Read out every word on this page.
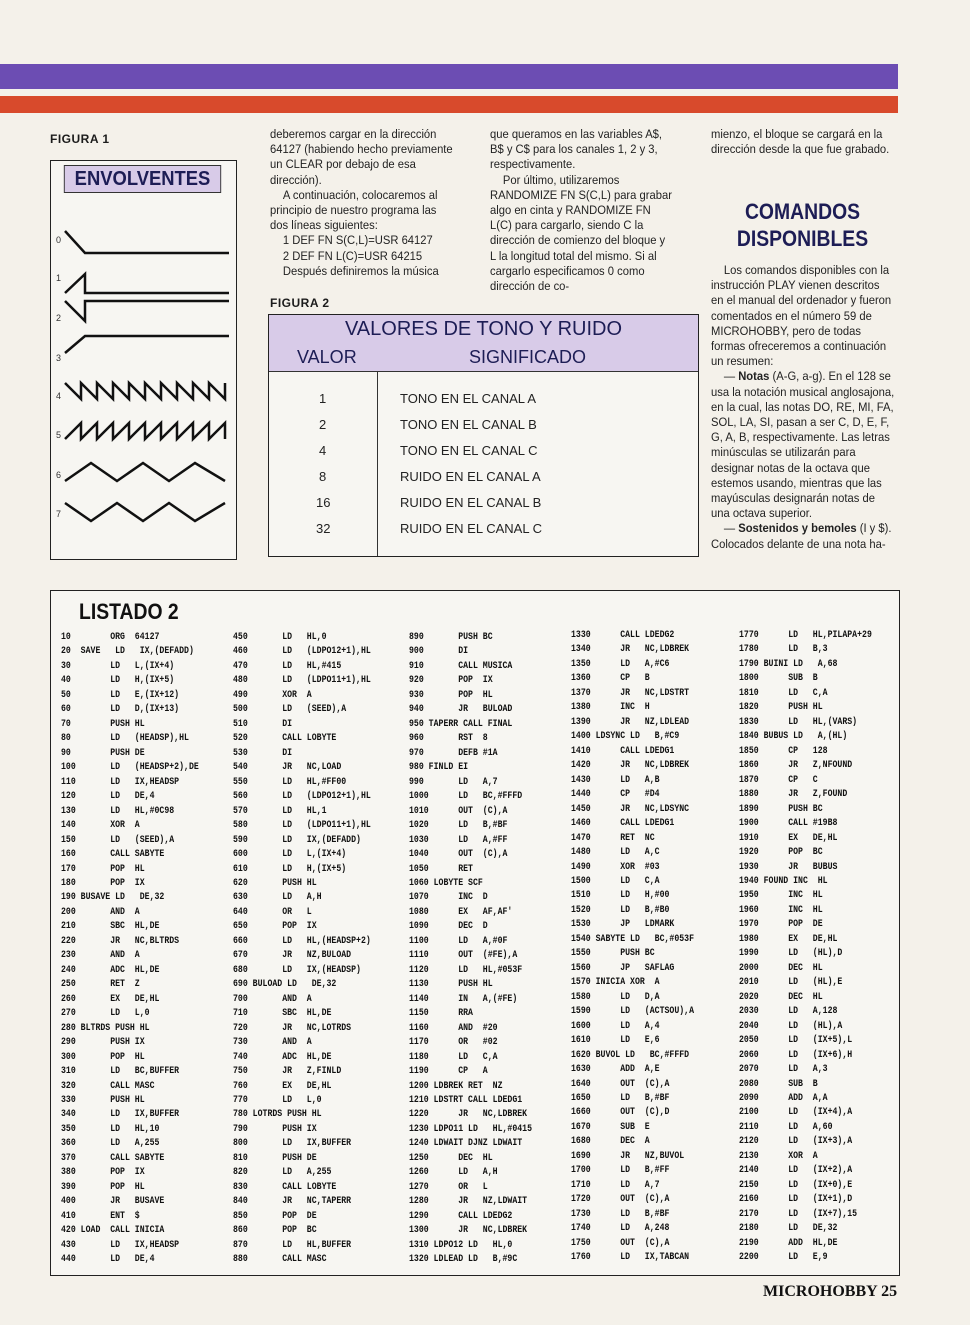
FIGURA 1
ENVOLVENTES
0
1
2
3
4
5
6
7

deberemos cargar en la dirección 64127 (habiendo hecho previamente un CLEAR por debajo de esa dirección).

A continuación, colocaremos al principio de nuestro programa las dos líneas siguientes:

1 DEF FN S(C,L)=USR 64127

2 DEF FN L(C)=USR 64215

Después definiremos la música

que queramos en las variables A$, B$ y C$ para los canales 1, 2 y 3, respectivamente.

Por último, utilizaremos RANDOMIZE FN S(C,L) para grabar algo en cinta y RANDOMIZE FN L(C) para cargarlo, siendo C la dirección de comienzo del bloque y L la longitud total del mismo. Si al cargarlo especificamos 0 como dirección de co-

FIGURA 2
VALORES DE TONO Y RUIDO
VALOR	SIGNIFICADO
1	TONO EN EL CANAL A
2	TONO EN EL CANAL B
4	TONO EN EL CANAL C
8	RUIDO EN EL CANAL A
16	RUIDO EN EL CANAL B
32	RUIDO EN EL CANAL C

mienzo, el bloque se cargará en la dirección desde la que fue grabado.

COMANDOS DISPONIBLES

Los comandos disponibles con la instrucción PLAY vienen descritos en el manual del ordenador y fueron comentados en el número 59 de MICROHOBBY, pero de todas formas ofreceremos a continuación un resumen:

— Notas (A-G, a-g). En el 128 se usa la notación musical anglosajona, en la cual, las notas DO, RE, MI, FA, SOL, LA, SI, pasan a ser C, D, E, F, G, A, B, respectivamente. Las letras minúsculas se utilizarán para designar notas de la octava que estemos usando, mientras que las mayúsculas designarán notas de una octava superior.

— Sostenidos y bemoles (I y $). Colocados delante de una nota ha-

LISTADO 2
10        ORG  64127
20  SAVE   LD   IX,(DEFADD)
30        LD   L,(IX+4)
40        LD   H,(IX+5)
50        LD   E,(IX+12)
60        LD   D,(IX+13)
70        PUSH HL
80        LD   (HEADSP),HL
90        PUSH DE
100       LD   (HEADSP+2),DE
110       LD   IX,HEADSP
120       LD   DE,4
130       LD   HL,#0C98
140       XOR  A
150       LD   (SEED),A
160       CALL SABYTE
170       POP  HL
180       POP  IX
190 BUSAVE LD   DE,32
200       AND  A
210       SBC  HL,DE
220       JR   NC,BLTRDS
230       AND  A
240       ADC  HL,DE
250       RET  Z
260       EX   DE,HL
270       LD   L,0
280 BLTRDS PUSH HL
290       PUSH IX
300       POP  HL
310       LD   BC,BUFFER
320       CALL MASC
330       PUSH HL
340       LD   IX,BUFFER
350       LD   HL,10
360       LD   A,255
370       CALL SABYTE
380       POP  IX
390       POP  HL
400       JR   BUSAVE
410       ENT  $
420 LOAD  CALL INICIA
430       LD   IX,HEADSP
440       LD   DE,4
450       LD   HL,0
460       LD   (LDPO12+1),HL
470       LD   HL,#415
480       LD   (LDPO11+1),HL
490       XOR  A
500       LD   (SEED),A
510       DI
520       CALL LOBYTE
530       DI
540       JR   NC,LOAD
550       LD   HL,#FF00
560       LD   (LDPO12+1),HL
570       LD   HL,1
580       LD   (LDPO11+1),HL
590       LD   IX,(DEFADD)
600       LD   L,(IX+4)
610       LD   H,(IX+5)
620       PUSH HL
630       LD   A,H
640       OR   L
650       POP  IX
660       LD   HL,(HEADSP+2)
670       JR   NZ,BULOAD
680       LD   IX,(HEADSP)
690 BULOAD LD   DE,32
700       AND  A
710       SBC  HL,DE
720       JR   NC,LOTRDS
730       AND  A
740       ADC  HL,DE
750       JR   Z,FINLD
760       EX   DE,HL
770       LD   L,0
780 LOTRDS PUSH HL
790       PUSH IX
800       LD   IX,BUFFER
810       PUSH DE
820       LD   A,255
830       CALL LOBYTE
840       JR   NC,TAPERR
850       POP  DE
860       POP  BC
870       LD   HL,BUFFER
880       CALL MASC
890       PUSH BC
900       DI
910       CALL MUSICA
920       POP  IX
930       POP  HL
940       JR   BULOAD
950 TAPERR CALL FINAL
960       RST  8
970       DEFB #1A
980 FINLD EI
990       LD   A,7
1000      LD   BC,#FFFD
1010      OUT  (C),A
1020      LD   B,#BF
1030      LD   A,#FF
1040      OUT  (C),A
1050      RET
1060 LOBYTE SCF
1070      INC  D
1080      EX   AF,AF'
1090      DEC  D
1100      LD   A,#0F
1110      OUT  (#FE),A
1120      LD   HL,#053F
1130      PUSH HL
1140      IN   A,(#FE)
1150      RRA
1160      AND  #20
1170      OR   #02
1180      LD   C,A
1190      CP   A
1200 LDBREK RET  NZ
1210 LDSTRT CALL LDEDG1
1220      JR   NC,LDBREK
1230 LDPO11 LD   HL,#0415
1240 LDWAIT DJNZ LDWAIT
1250      DEC  HL
1260      LD   A,H
1270      OR   L
1280      JR   NZ,LDWAIT
1290      CALL LDEDG2
1300      JR   NC,LDBREK
1310 LDPO12 LD   HL,0
1320 LDLEAD LD   B,#9C
1330      CALL LDEDG2
1340      JR   NC,LDBREK
1350      LD   A,#C6
1360      CP   B
1370      JR   NC,LDSTRT
1380      INC  H
1390      JR   NZ,LDLEAD
1400 LDSYNC LD   B,#C9
1410      CALL LDEDG1
1420      JR   NC,LDBREK
1430      LD   A,B
1440      CP   #D4
1450      JR   NC,LDSYNC
1460      CALL LDEDG1
1470      RET  NC
1480      LD   A,C
1490      XOR  #03
1500      LD   C,A
1510      LD   H,#00
1520      LD   B,#B0
1530      JP   LDMARK
1540 SABYTE LD   BC,#053F
1550      PUSH BC
1560      JP   SAFLAG
1570 INICIA XOR  A
1580      LD   D,A
1590      LD   (ACTSOU),A
1600      LD   A,4
1610      LD   E,6
1620 BUVOL LD   BC,#FFFD
1630      ADD  A,E
1640      OUT  (C),A
1650      LD   B,#BF
1660      OUT  (C),D
1670      SUB  E
1680      DEC  A
1690      JR   NZ,BUVOL
1700      LD   B,#FF
1710      LD   A,7
1720      OUT  (C),A
1730      LD   B,#BF
1740      LD   A,248
1750      OUT  (C),A
1760      LD   IX,TABCAN
1770      LD   HL,PILAPA+29
1780      LD   B,3
1790 BUINI LD   A,68
1800      SUB  B
1810      LD   C,A
1820      PUSH HL
1830      LD   HL,(VARS)
1840 BUBUS LD   A,(HL)
1850      CP   128
1860      JR   Z,NFOUND
1870      CP   C
1880      JR   Z,FOUND
1890      PUSH BC
1900      CALL #19B8
1910      EX   DE,HL
1920      POP  BC
1930      JR   BUBUS
1940 FOUND INC  HL
1950      INC  HL
1960      INC  HL
1970      POP  DE
1980      EX   DE,HL
1990      LD   (HL),D
2000      DEC  HL
2010      LD   (HL),E
2020      DEC  HL
2030      LD   A,128
2040      LD   (HL),A
2050      LD   (IX+5),L
2060      LD   (IX+6),H
2070      LD   A,3
2080      SUB  B
2090      ADD  A,A
2100      LD   (IX+4),A
2110      LD   A,60
2120      LD   (IX+3),A
2130      XOR  A
2140      LD   (IX+2),A
2150      LD   (IX+0),E
2160      LD   (IX+1),D
2170      LD   (IX+7),15
2180      LD   DE,32
2190      ADD  HL,DE
2200      LD   E,9
MICROHOBBY 25
